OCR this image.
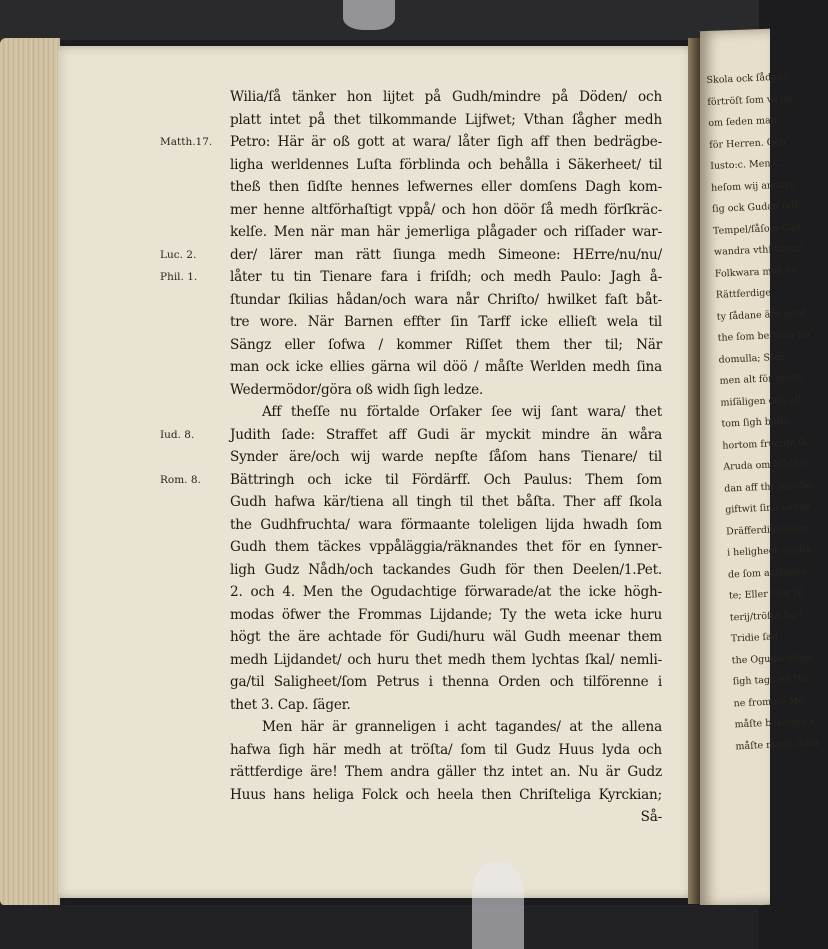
Wilia/ſå tänker hon lijtet på Gudh/mindre på Döden/ och
platt intet på thet tilkommande Lijfwet; Vthan ſågher medh
Petro: Här är oß gott at wara/ låter ſigh aff then bedrägbe-
ligha werldennes Luſta förblinda och behålla i Säkerheet/ til
theß then ſidſte hennes lefwernes eller domſens Dagh kom-
mer henne altförhaſtigt vppå/ och hon döör ſå medh förſkräc-
kelſe. Men när man här jemerliga plågader och riſſader war-
der/ lärer man rätt ſiunga medh Simeone: HErre/nu/nu/
låter tu tin Tienare fara i friſdh; och medh Paulo: Jagh å-
ſtundar ſkilias hådan/och wara når Chriſto/ hwilket faſt båt-
tre wore. När Barnen effter ſin Tarff icke ellieſt wela til
Sängz eller ſofwa / kommer Riſſet them ther til; När
man ock icke ellies gärna wil döö / måſte Werlden medh ſina
Wedermödor/göra oß widh ſigh ledze.
Aff theſſe nu förtalde Orſaker ſee wij ſant wara/ thet
Judith ſade: Straffet aff Gudi är myckit mindre än wåra
Synder äre/och wij warde nepſte ſåſom hans Tienare/ til
Bättringh och icke til Fördärff. Och Paulus: Them ſom
Gudh hafwa kär/tiena all tingh til thet båſta. Ther aff ſkola
the Gudhfruchta/ wara förmaante toleligen lijda hwadh ſom
Gudh them täckes vppåläggia/räknandes thet för en ſynner-
ligh Gudz Nådh/och tackandes Gudh för then Deelen/1.Pet.
2. och 4. Men the Ogudachtige förwarade/at the icke högh-
modas öfwer the Frommas Lijdande; Ty the weta icke huru
högt the äre achtade för Gudi/huru wäl Gudh meenar them
medh Lijdandet/ och huru thet medh them lychtas ſkal/ nemli-
ga/til Saligheet/ſom Petrus i thenna Orden och tilförenne i
thet 3. Cap. ſäger.
Men här är granneligen i acht tagandes/ at the allena
hafwa ſigh här medh at tröſta/ ſom til Gudz Huus lyda och
rättferdige äre! Them andra gäller thz intet an. Nu är Gudz
Huus hans heliga Folck och heela then Chriſteliga Kyrckian;
Så-
Matth.17.
Luc. 2.
Phil. 1.
Iud. 8.
Rom. 8.
Skola ock ſådane
förtröſt ſom ve de
om ſeden man
för Herren. Och
Iusto:c. Men C
heſom wij annars
ſig ock Gudan ſaſt
Tempel/ſåſom Gud
wandra vthi them/
Folkwara mitt Fo
Rättferdige
ty ſådane äre intet
the ſom beſtima ſin
domulla; Som
men alt för ſeent/
miſäligen och aff
tom ſigh bidia.
hortom fruchta ſk
Aruda om Nådh o
dan aff the medSo
giftwit ſina Lemm
Dräfferdigheeter
i heligheet ochRä
de ſom antingen
te; Eller ther til
terij/tröſta ſig f
Tridie ſag
the Ogudachtiga
ſigh taga en We
ne fromme Me
måſte bekänna a
måſte medh ſtoor
